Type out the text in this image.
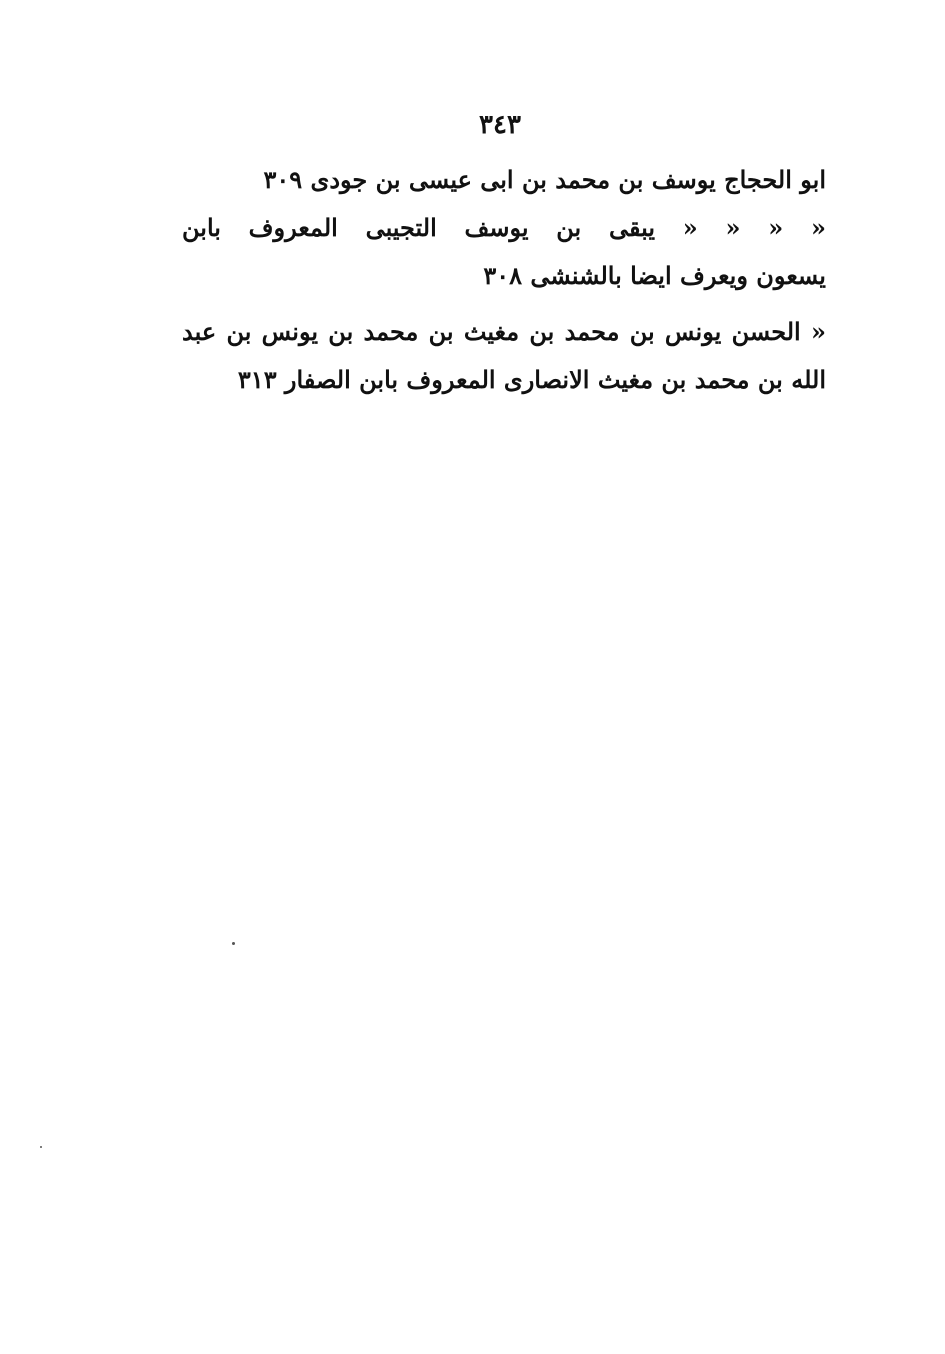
٣٤٣
ابو الحجاج يوسف بن محمد بن ابی عیسی بن جودی ٣٠٩
« « « « یبقی بن یوسف التجیبی المعروف بابن
یسعون ویعرف ایضا بالشنشی ٣٠٨
« الحسن یونس بن محمد بن مغیث بن محمد بن یونس بن عبد
الله بن محمد بن مغیث الانصاری المعروف بابن الصفار ٣١٣
